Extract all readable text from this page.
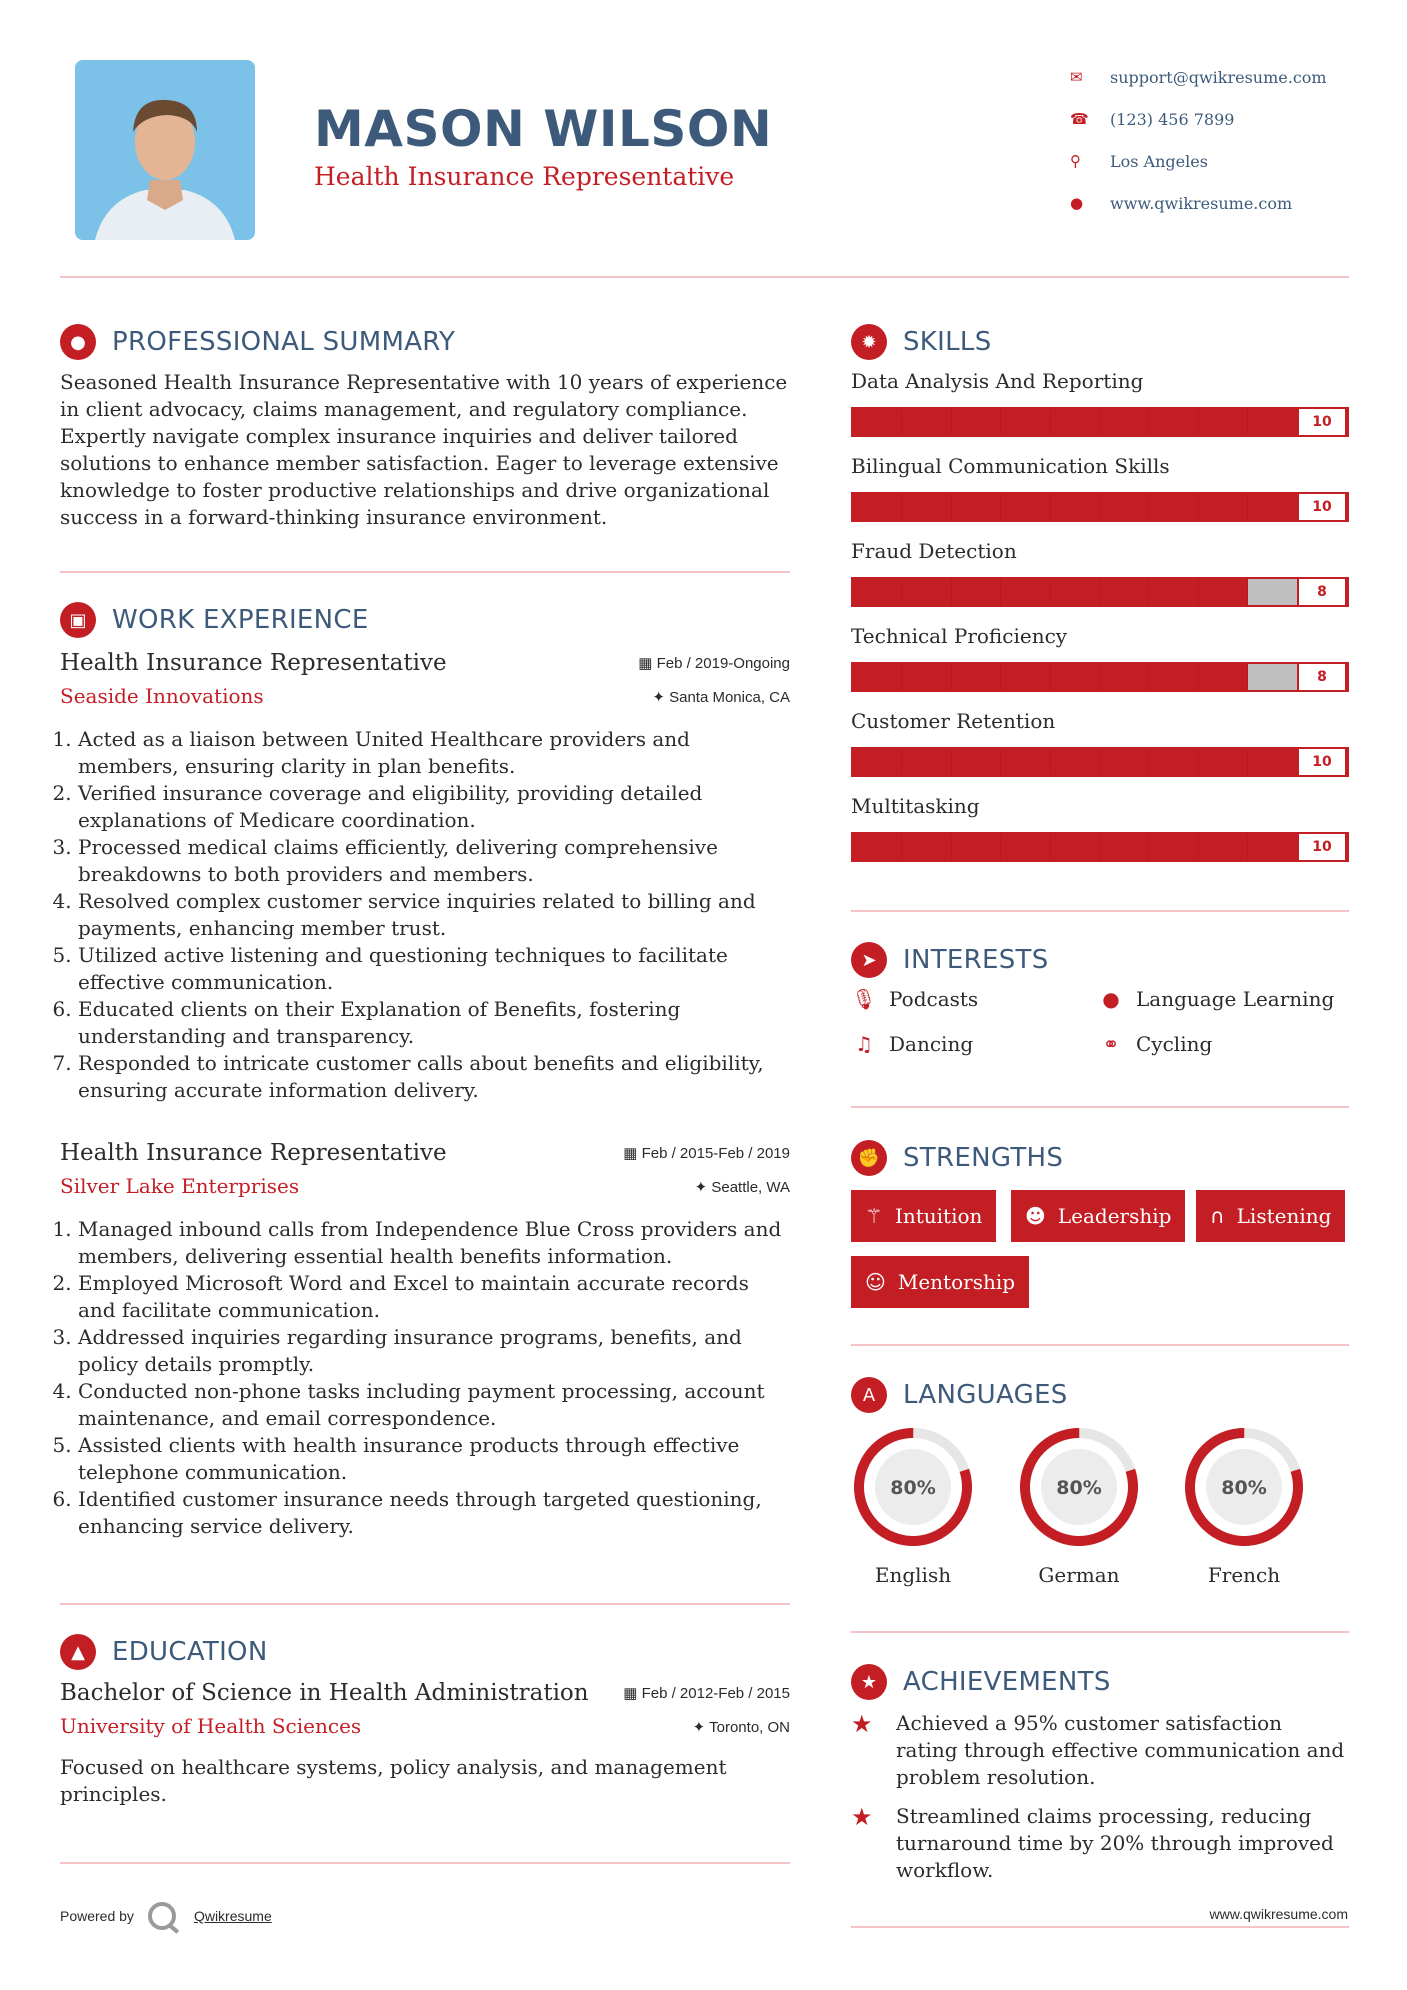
MASON WILSON
Health Insurance Representative
✉	support@qwikresume.com
☎	(123) 456 7899
⚲	Los Angeles
●	www.qwikresume.com
●	PROFESSIONAL SUMMARY
Seasoned Health Insurance Representative with 10 years of experience in client advocacy, claims management, and regulatory compliance. Expertly navigate complex insurance inquiries and deliver tailored solutions to enhance member satisfaction. Eager to leverage extensive knowledge to foster productive relationships and drive organizational success in a forward-thinking insurance environment.
▣ WORK EXPERIENCE
Health Insurance Representative
Seaside Innovations
▦ Feb / 2019-Ongoing
✦ Santa Monica, CA
1. Acted as a liaison between United Healthcare providers and members, ensuring clarity in plan benefits.
2. Verified insurance coverage and eligibility, providing detailed explanations of Medicare coordination.
3. Processed medical claims efficiently, delivering comprehensive breakdowns to both providers and members.
4. Resolved complex customer service inquiries related to billing and payments, enhancing member trust.
5. Utilized active listening and questioning techniques to facilitate effective communication.
6. Educated clients on their Explanation of Benefits, fostering understanding and transparency.
7. Responded to intricate customer calls about benefits and eligibility, ensuring accurate information delivery.
Health Insurance Representative
Silver Lake Enterprises
▦ Feb / 2015-Feb / 2019
✦ Seattle, WA
1. Managed inbound calls from Independence Blue Cross providers and members, delivering essential health benefits information.
2. Employed Microsoft Word and Excel to maintain accurate records and facilitate communication.
3. Addressed inquiries regarding insurance programs, benefits, and policy details promptly.
4. Conducted non-phone tasks including payment processing, account maintenance, and email correspondence.
5. Assisted clients with health insurance products through effective telephone communication.
6. Identified customer insurance needs through targeted questioning, enhancing service delivery.
▲	EDUCATION
Bachelor of Science in Health Administration
University of Health Sciences
▦ Feb / 2012-Feb / 2015
✦ Toronto, ON
Focused on healthcare systems, policy analysis, and management principles.
✹	SKILLS
Data Analysis And Reporting
10
Bilingual Communication Skills
10
Fraud Detection
8
Technical Proficiency
8
Customer Retention
10
Multitasking
10
➤	INTERESTS
🎙 Podcasts	● Language Learning
♫ Dancing	⚭ Cycling
✊ STRENGTHS
⚚ Intuition ☻ Leadership ∩ Listening
☺ Mentorship
A	LANGUAGES
80%
English
80%
German
80%
French
★ ACHIEVEMENTS
★	Achieved a 95% customer satisfaction rating through effective communication and problem resolution.
★	Streamlined claims processing, reducing turnaround time by 20% through improved workflow.
Powered by	Qwikresume	www.qwikresume.com
